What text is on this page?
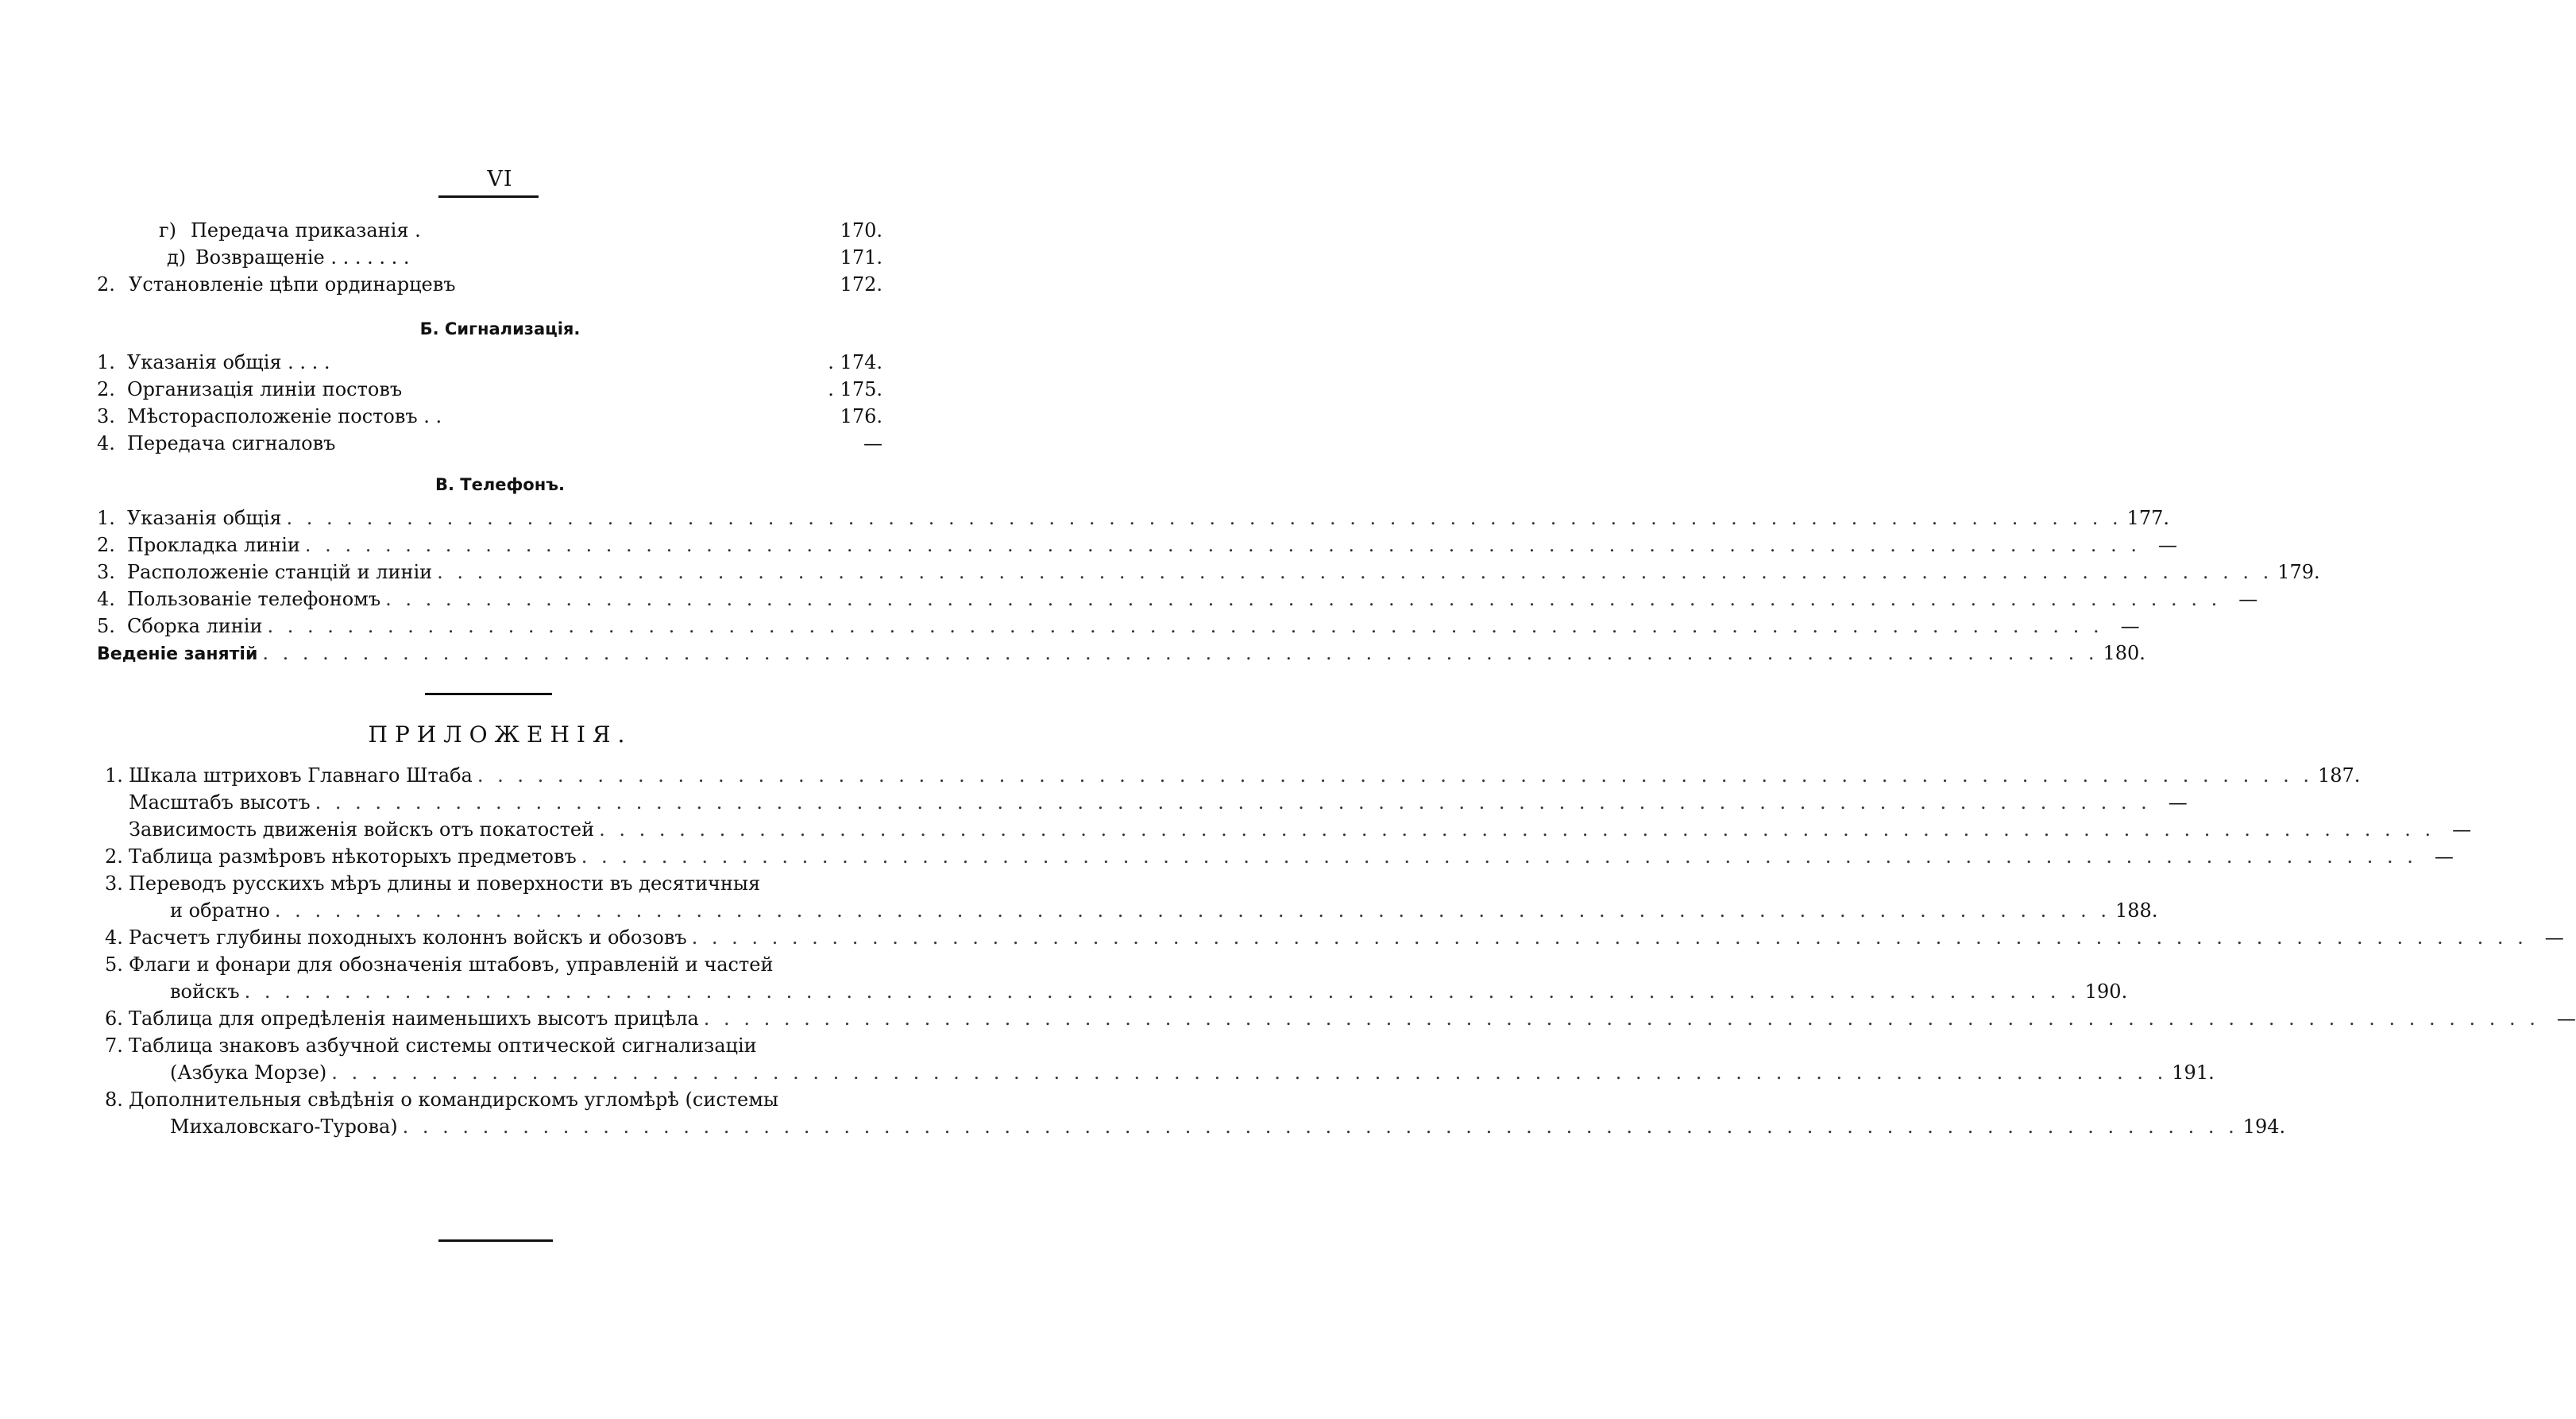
VI
г) Передача приказанія .	170.
д) Возвращеніе . . . . . . .	171.
2. Установленіе цѣпи ординарцевъ	172.
Б. Сигнализація.
1. Указанія общія . . . .	. 174.
2. Организація линіи постовъ	. 175.
3. Мѣсторасположеніе постовъ . .	176.
4. Передача сигналовъ	—
В. Телефонъ.
1. Указанія общія . . .	177.
2. Прокладка линіи . . .	—
3. Расположеніе станцій и линіи . . .	179.
4. Пользованіе телефономъ . . .	—
5. Сборка линіи . . .	—
Веденіе занятій . . .	180.
ПРИЛОЖЕНІЯ.
1. Шкала штриховъ Главнаго Штаба . . .	187.
Масштабъ высотъ . . .	—
Зависимость движенія войскъ отъ покатостей . . .	—
2. Таблица размѣровъ нѣкоторыхъ предметовъ . . .	—
3. Переводъ русскихъ мѣръ длины и поверхности въ десятичныя
и обратно . . .	188.
4. Расчетъ глубины походныхъ колоннъ войскъ и обозовъ . . .	—
5. Флаги и фонари для обозначенія штабовъ, управленій и частей
войскъ . . .	190.
6. Таблица для опредѣленія наименьшихъ высотъ прицѣла . . .	—
7. Таблица знаковъ азбучной системы оптической сигнализаціи
(Азбука Морзе) . . .	191.
8. Дополнительныя свѣдѣнія о командирскомъ угломѣрѣ (системы
Михаловскаго-Турова) . . .	194.
